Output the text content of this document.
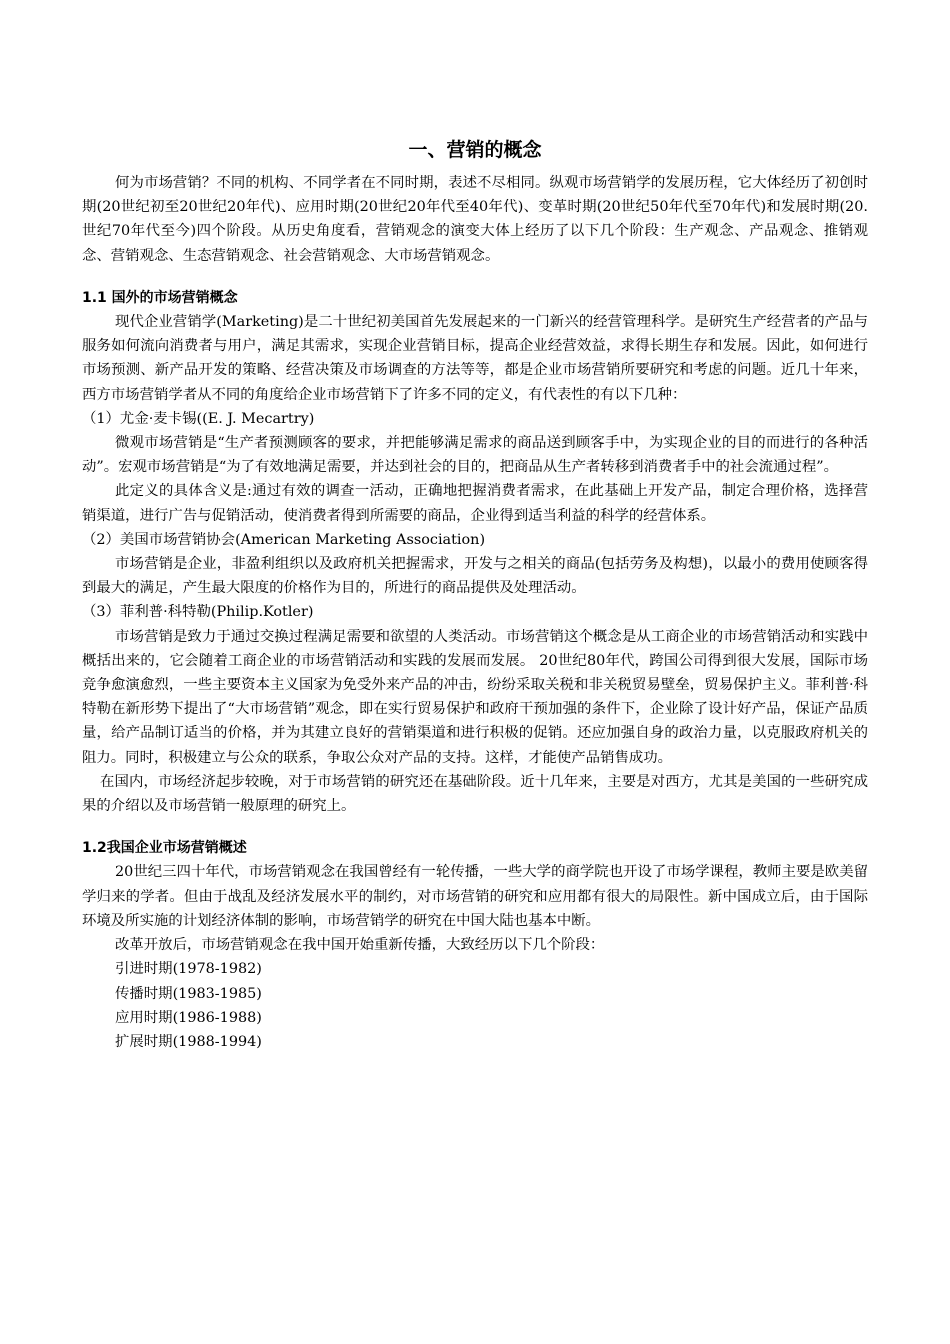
一、营销的概念

何为市场营销？不同的机构、不同学者在不同时期，表述不尽相同。纵观市场营销学的发展历程，它大体经历了初创时期(20世纪初至20世纪20年代)、应用时期(20世纪20年代至40年代)、变革时期(20世纪50年代至70年代)和发展时期(20.世纪70年代至今)四个阶段。从历史角度看，营销观念的演变大体上经历了以下几个阶段：生产观念、产品观念、推销观念、营销观念、生态营销观念、社会营销观念、大市场营销观念。

1.1 国外的市场营销概念

现代企业营销学(Marketing)是二十世纪初美国首先发展起来的一门新兴的经营管理科学。是研究生产经营者的产品与服务如何流向消费者与用户，满足其需求，实现企业营销目标，提高企业经营效益，求得长期生存和发展。因此，如何进行市场预测、新产品开发的策略、经营决策及市场调查的方法等等，都是企业市场营销所要研究和考虑的问题。近几十年来，西方市场营销学者从不同的角度给企业市场营销下了许多不同的定义，有代表性的有以下几种：

（1）尤金·麦卡锡((E. J. Mecartry)

微观市场营销是“生产者预测顾客的要求，并把能够满足需求的商品送到顾客手中，为实现企业的目的而进行的各种活动”。宏观市场营销是“为了有效地满足需要，并达到社会的目的，把商品从生产者转移到消费者手中的社会流通过程”。

此定义的具体含义是:通过有效的调查一活动，正确地把握消费者需求，在此基础上开发产品，制定合理价格，选择营销渠道，进行广告与促销活动，使消费者得到所需要的商品，企业得到适当利益的科学的经营体系。

（2）美国市场营销协会(American Marketing Association)

市场营销是企业，非盈利组织以及政府机关把握需求，开发与之相关的商品(包括劳务及构想)，以最小的费用使顾客得到最大的满足，产生最大限度的价格作为目的，所进行的商品提供及处理活动。

（3）菲利普·科特勒(Philip.Kotler)

市场营销是致力于通过交换过程满足需要和欲望的人类活动。市场营销这个概念是从工商企业的市场营销活动和实践中概括出来的，它会随着工商企业的市场营销活动和实践的发展而发展。 20世纪80年代，跨国公司得到很大发展，国际市场竞争愈演愈烈，一些主要资本主义国家为免受外来产品的冲击，纷纷采取关税和非关税贸易壁垒，贸易保护主义。菲利普·科特勒在新形势下提出了“大市场营销”观念，即在实行贸易保护和政府干预加强的条件下，企业除了设计好产品，保证产品质量，给产品制订适当的价格，并为其建立良好的营销渠道和进行积极的促销。还应加强自身的政治力量，以克服政府机关的阻力。同时，积极建立与公众的联系，争取公众对产品的支持。这样，才能使产品销售成功。

在国内，市场经济起步较晚，对于市场营销的研究还在基础阶段。近十几年来，主要是对西方，尤其是美国的一些研究成果的介绍以及市场营销一般原理的研究上。

1.2我国企业市场营销概述

20世纪三四十年代，市场营销观念在我国曾经有一轮传播，一些大学的商学院也开设了市场学课程，教师主要是欧美留学归来的学者。但由于战乱及经济发展水平的制约，对市场营销的研究和应用都有很大的局限性。新中国成立后，由于国际环境及所实施的计划经济体制的影响，市场营销学的研究在中国大陆也基本中断。

改革开放后，市场营销观念在我中国开始重新传播，大致经历以下几个阶段：

引进时期(1978-1982)

传播时期(1983-1985)

应用时期(1986-1988)

扩展时期(1988-1994)
